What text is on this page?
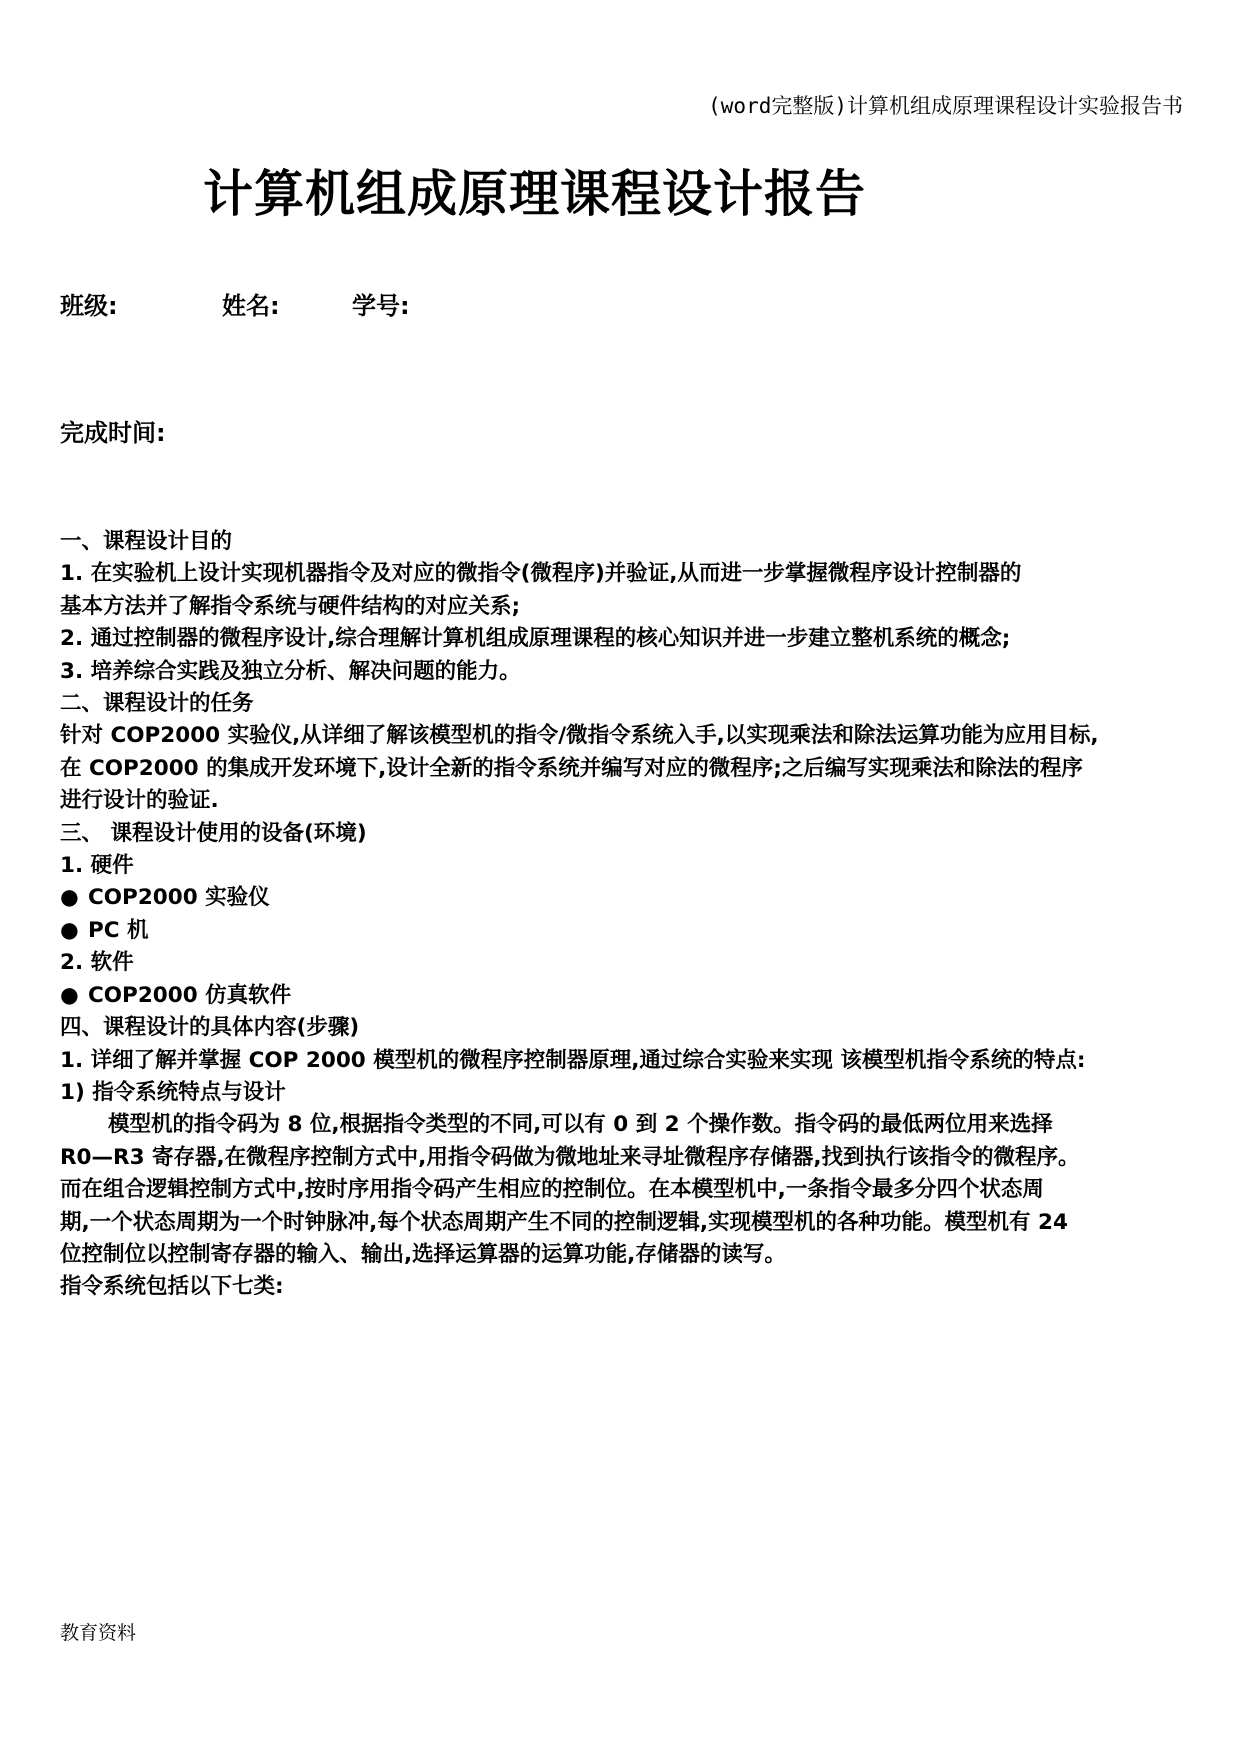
(word完整版)计算机组成原理课程设计实验报告书
计算机组成原理课程设计报告
班级:	姓名:	学号:
完成时间:

一、课程设计目的

1. 在实验机上设计实现机器指令及对应的微指令(微程序)并验证,从而进一步掌握微程序设计控制器的

基本方法并了解指令系统与硬件结构的对应关系;

2. 通过控制器的微程序设计,综合理解计算机组成原理课程的核心知识并进一步建立整机系统的概念;

3. 培养综合实践及独立分析、解决问题的能力。

二、课程设计的任务

针对 COP2000 实验仪,从详细了解该模型机的指令/微指令系统入手,以实现乘法和除法运算功能为应用目标,

在 COP2000 的集成开发环境下,设计全新的指令系统并编写对应的微程序;之后编写实现乘法和除法的程序

进行设计的验证.

三、 课程设计使用的设备(环境)

1. 硬件

● COP2000 实验仪

● PC 机

2. 软件

● COP2000 仿真软件

四、课程设计的具体内容(步骤)

1. 详细了解并掌握 COP 2000 模型机的微程序控制器原理,通过综合实验来实现 该模型机指令系统的特点:

1) 指令系统特点与设计

模型机的指令码为 8 位,根据指令类型的不同,可以有 0 到 2 个操作数。指令码的最低两位用来选择

R0—R3 寄存器,在微程序控制方式中,用指令码做为微地址来寻址微程序存储器,找到执行该指令的微程序。

而在组合逻辑控制方式中,按时序用指令码产生相应的控制位。在本模型机中,一条指令最多分四个状态周

期,一个状态周期为一个时钟脉冲,每个状态周期产生不同的控制逻辑,实现模型机的各种功能。模型机有 24

位控制位以控制寄存器的输入、输出,选择运算器的运算功能,存储器的读写。

指令系统包括以下七类:

教育资料
